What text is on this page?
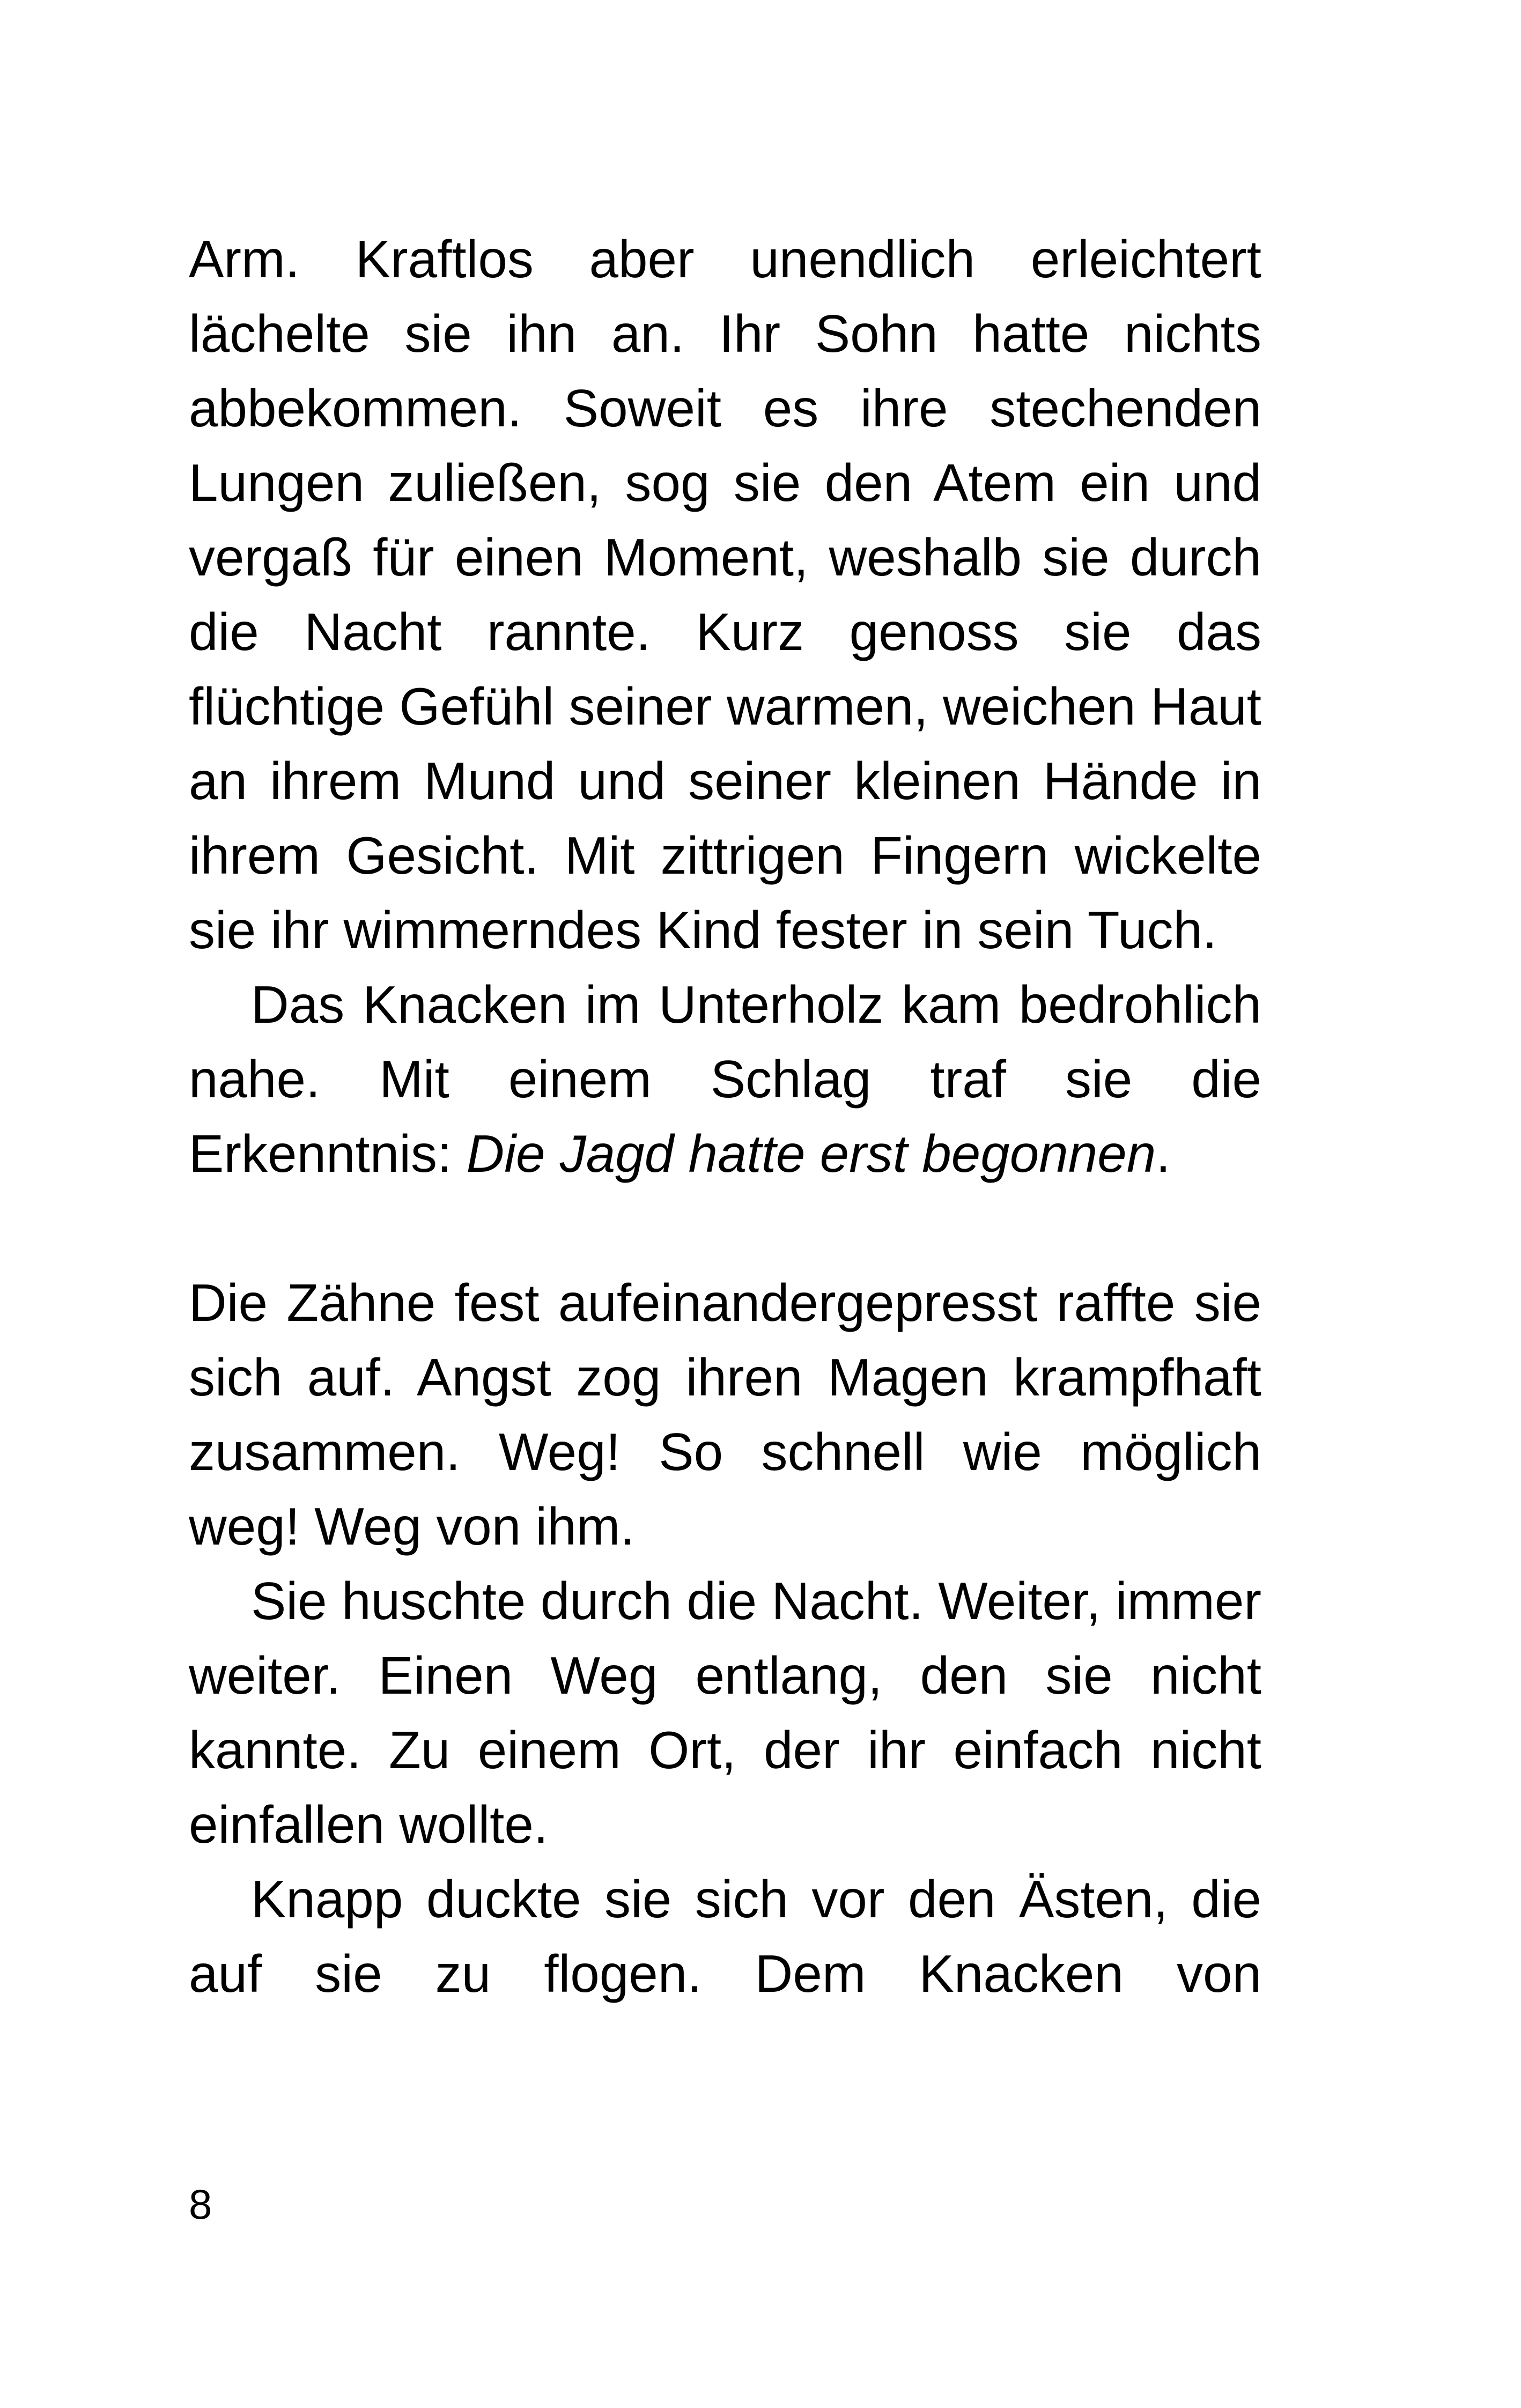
Arm. Kraftlos aber unendlich erleichtert lächelte sie ihn an. Ihr Sohn hatte nichts abbekommen. Soweit es ihre stechenden Lungen zuließen, sog sie den Atem ein und vergaß für einen Moment, weshalb sie durch die Nacht rannte. Kurz genoss sie das flüchtige Gefühl seiner warmen, weichen Haut an ihrem Mund und seiner kleinen Hände in ihrem Gesicht. Mit zittrigen Fingern wickelte sie ihr wimmerndes Kind fester in sein Tuch.

Das Knacken im Unterholz kam bedrohlich nahe. Mit einem Schlag traf sie die Erkenntnis: Die Jagd hatte erst begonnen.

Die Zähne fest aufeinandergepresst raffte sie sich auf. Angst zog ihren Magen krampfhaft zusammen. Weg! So schnell wie möglich weg! Weg von ihm.

Sie huschte durch die Nacht. Weiter, immer weiter. Einen Weg entlang, den sie nicht kannte. Zu einem Ort, der ihr einfach nicht einfallen wollte.

Knapp duckte sie sich vor den Ästen, die auf sie zu flogen. Dem Knacken von

8
